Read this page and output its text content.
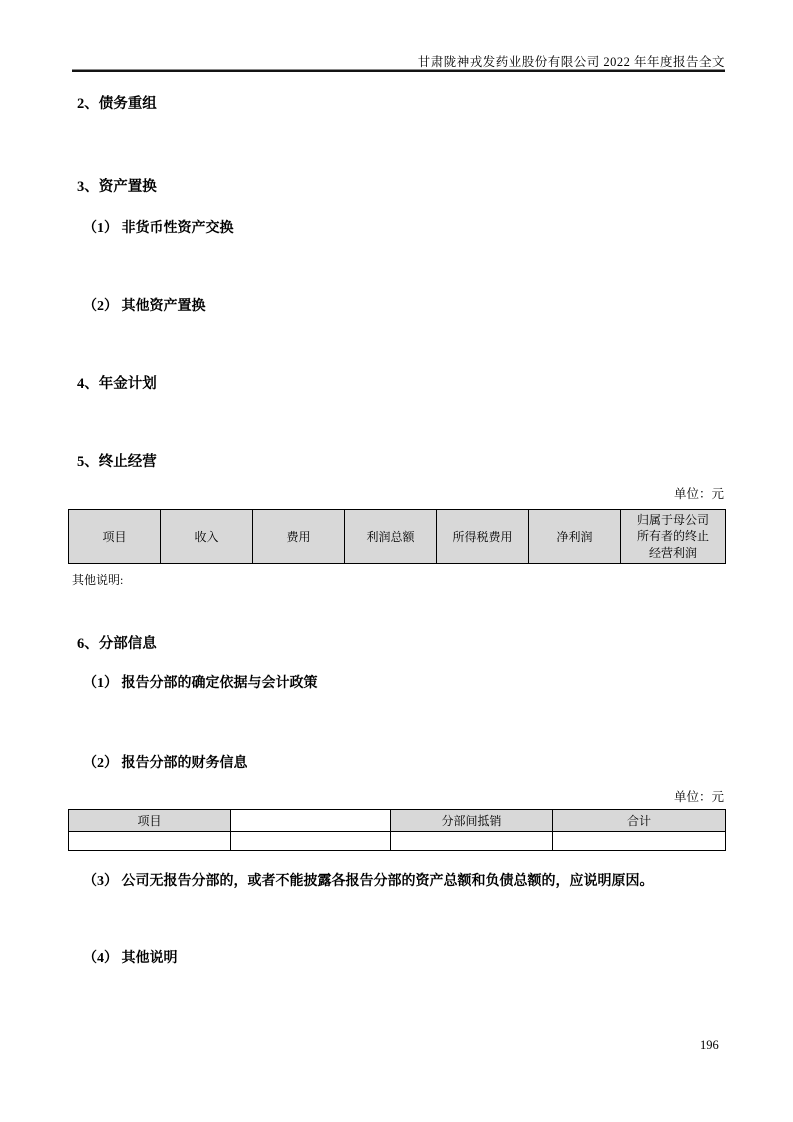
甘肃陇神戎发药业股份有限公司 2022 年年度报告全文
2、债务重组
3、资产置换
（1） 非货币性资产交换
（2） 其他资产置换
4、年金计划
5、终止经营
单位：元
项目	收入	费用	利润总额	所得税费用	净利润	归属于母公司所有者的终止经营利润
其他说明:
6、分部信息
（1） 报告分部的确定依据与会计政策
（2） 报告分部的财务信息
单位：元
项目		分部间抵销	合计

（3） 公司无报告分部的，或者不能披露各报告分部的资产总额和负债总额的，应说明原因。
（4） 其他说明
196
